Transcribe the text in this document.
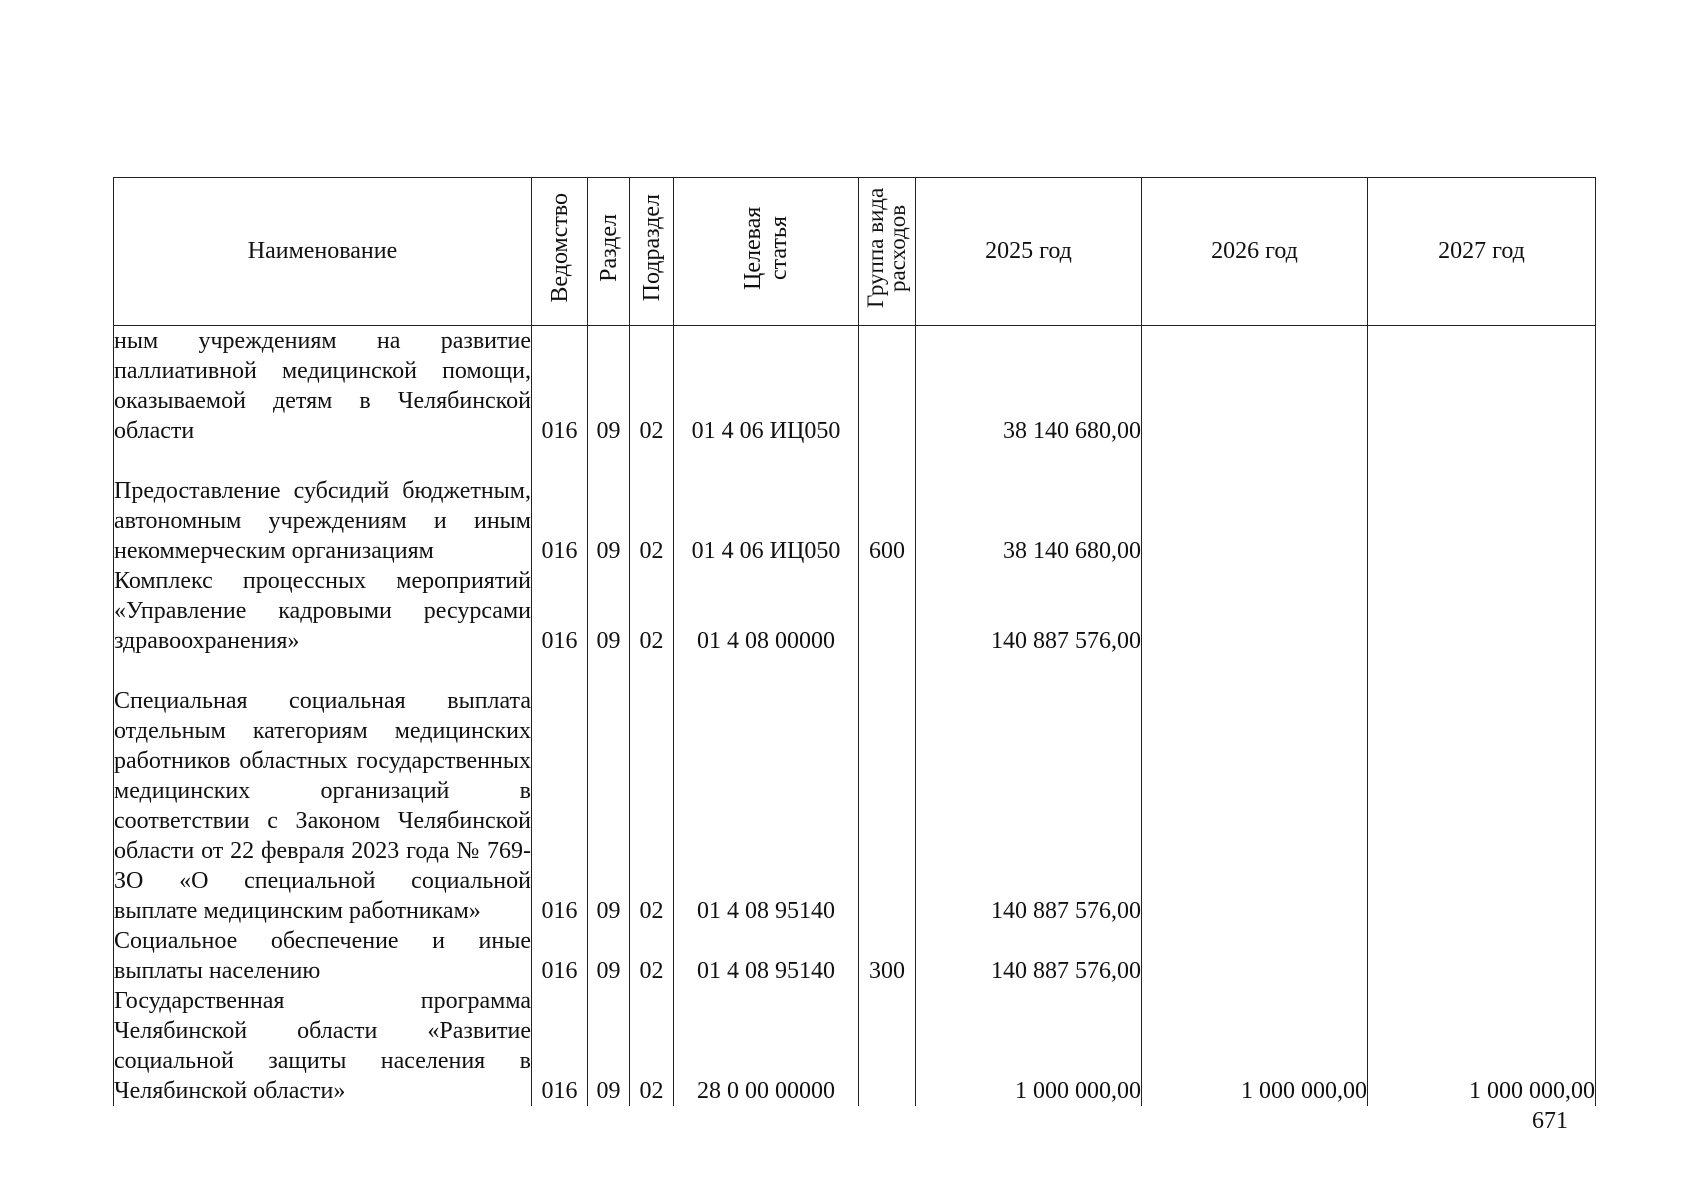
Наименование	Ведомство	Раздел	Подраздел	Целевая статья	Группа вида расходов	2025 год	2026 год	2027 год
ным учреждениям на развитие паллиативной медицинской помощи, оказываемой детям в Челябинской области	016	09	02	01 4 06 ИЦ050		38 140 680,00		
Предоставление субсидий бюджетным, автономным учреждениям и иным некоммерческим организациям	016	09	02	01 4 06 ИЦ050	600	38 140 680,00		
Комплекс процессных мероприятий «Управление кадровыми ресурсами здравоохранения»	016	09	02	01 4 08 00000		140 887 576,00		
Специальная социальная выплата отдельным категориям медицинских работников областных государственных медицинских организаций в соответствии с Законом Челябинской области от 22 февраля 2023 года № 769-ЗО «О специальной социальной выплате медицинским работникам»	016	09	02	01 4 08 95140		140 887 576,00		
Социальное обеспечение и иные выплаты населению	016	09	02	01 4 08 95140	300	140 887 576,00		
Государственная программа Челябинской области «Развитие социальной защиты населения в Челябинской области»	016	09	02	28 0 00 00000		1 000 000,00	1 000 000,00	1 000 000,00
671
